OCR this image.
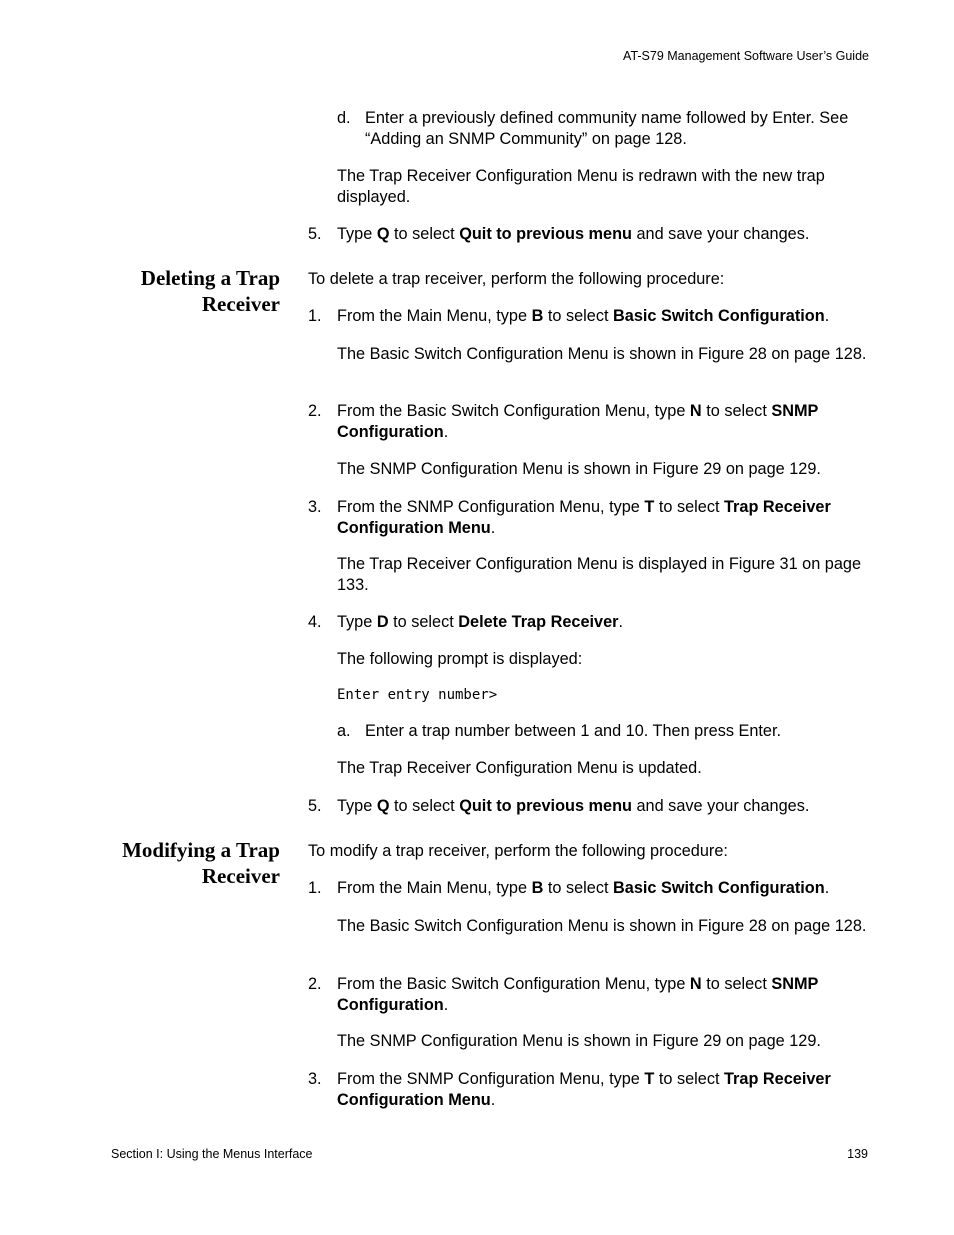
AT-S79 Management Software User’s Guide
d. Enter a previously defined community name followed by Enter. See “Adding an SNMP Community” on page 128.
The Trap Receiver Configuration Menu is redrawn with the new trap displayed.
5. Type Q to select Quit to previous menu and save your changes.
Deleting a Trap
Receiver
To delete a trap receiver, perform the following procedure:
1. From the Main Menu, type B to select Basic Switch Configuration.
The Basic Switch Configuration Menu is shown in Figure 28 on page 128.
2. From the Basic Switch Configuration Menu, type N to select SNMP Configuration.
The SNMP Configuration Menu is shown in Figure 29 on page 129.
3. From the SNMP Configuration Menu, type T to select Trap Receiver Configuration Menu.
The Trap Receiver Configuration Menu is displayed in Figure 31 on page 133.
4. Type D to select Delete Trap Receiver.
The following prompt is displayed:
Enter entry number>
a. Enter a trap number between 1 and 10. Then press Enter.
The Trap Receiver Configuration Menu is updated.
5. Type Q to select Quit to previous menu and save your changes.
Modifying a Trap
Receiver
To modify a trap receiver, perform the following procedure:
1. From the Main Menu, type B to select Basic Switch Configuration.
The Basic Switch Configuration Menu is shown in Figure 28 on page 128.
2. From the Basic Switch Configuration Menu, type N to select SNMP Configuration.
The SNMP Configuration Menu is shown in Figure 29 on page 129.
3. From the SNMP Configuration Menu, type T to select Trap Receiver Configuration Menu.
Section I: Using the Menus Interface	139
